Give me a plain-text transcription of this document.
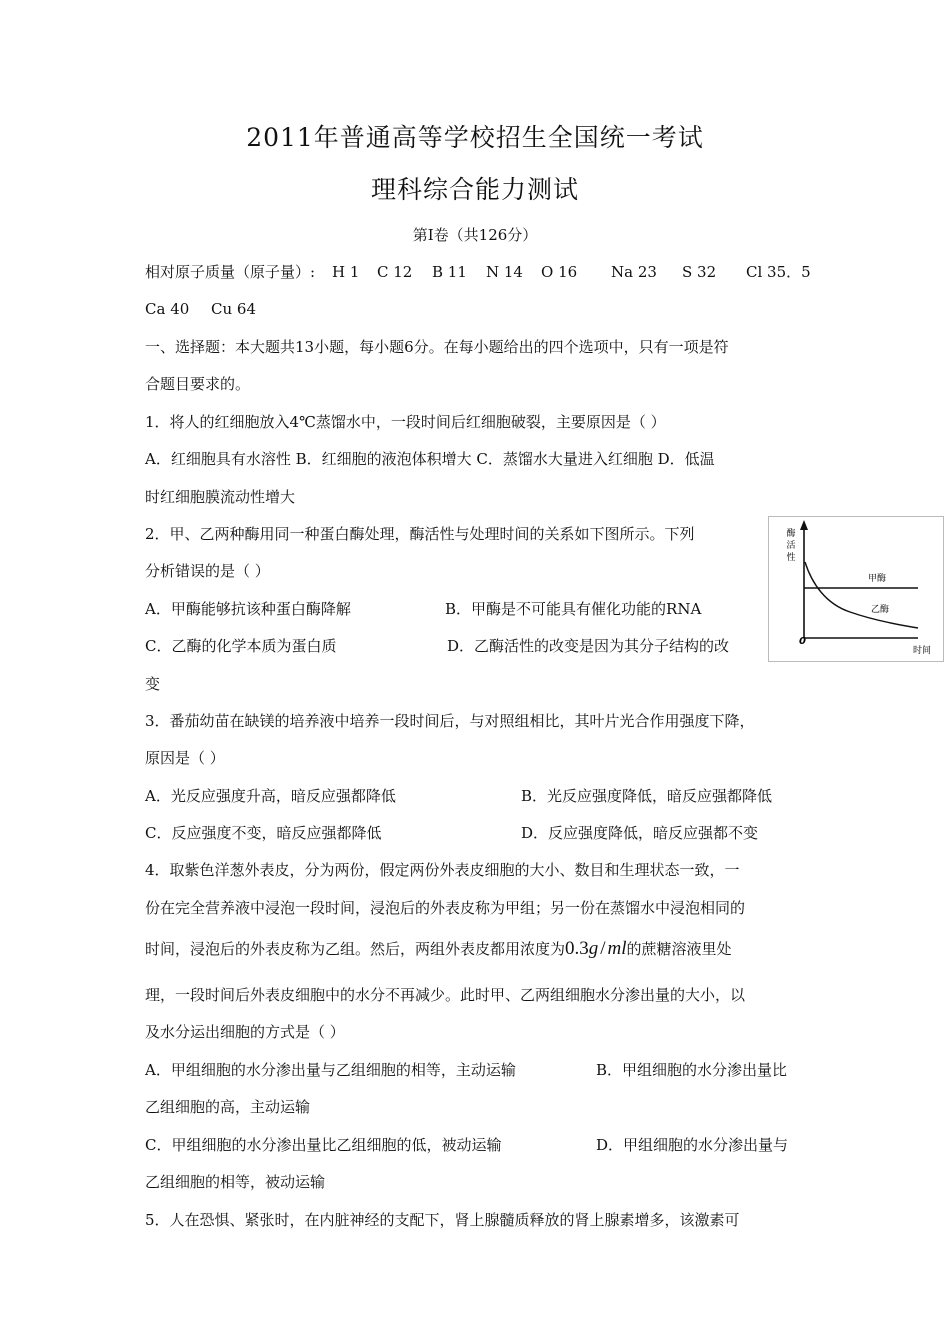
2011年普通高等学校招生全国统一考试
理科综合能力测试
第Ⅰ卷（共126分）
相对原子质量（原子量）: H 1 C 12 B 11 N 14 O 16 Na 23 S 32 Cl 35．5
Ca 40 Cu 64
一、选择题：本大题共13小题，每小题6分。在每小题给出的四个选项中，只有一项是符
合题目要求的。
1．将人的红细胞放入4℃蒸馏水中，一段时间后红细胞破裂，主要原因是（ ）
A．红细胞具有水溶性 B．红细胞的液泡体积增大 C．蒸馏水大量进入红细胞 D．低温
时红细胞膜流动性增大
2．甲、乙两种酶用同一种蛋白酶处理，酶活性与处理时间的关系如下图所示。下列
分析错误的是（ ）
A．甲酶能够抗该种蛋白酶降解	B．甲酶是不可能具有催化功能的RNA
C．乙酶的化学本质为蛋白质	D．乙酶活性的改变是因为其分子结构的改
变
酶
活
性
0
时间
甲酶
乙酶
3．番茄幼苗在缺镁的培养液中培养一段时间后，与对照组相比，其叶片光合作用强度下降，
原因是（ ）
A．光反应强度升高，暗反应强都降低	B．光反应强度降低，暗反应强都降低
C．反应强度不变，暗反应强都降低	D．反应强度降低，暗反应强都不变
4．取紫色洋葱外表皮，分为两份，假定两份外表皮细胞的大小、数目和生理状态一致，一
份在完全营养液中浸泡一段时间，浸泡后的外表皮称为甲组；另一份在蒸馏水中浸泡相同的
时间，浸泡后的外表皮称为乙组。然后，两组外表皮都用浓度为0.3g / ml的蔗糖溶液里处
理，一段时间后外表皮细胞中的水分不再减少。此时甲、乙两组细胞水分渗出量的大小，以
及水分运出细胞的方式是（ ）
A．甲组细胞的水分渗出量与乙组细胞的相等，主动运输	B．甲组细胞的水分渗出量比
乙组细胞的高，主动运输
C．甲组细胞的水分渗出量比乙组细胞的低，被动运输	D．甲组细胞的水分渗出量与
乙组细胞的相等，被动运输
5．人在恐惧、紧张时，在内脏神经的支配下，肾上腺髓质释放的肾上腺素增多，该激素可
